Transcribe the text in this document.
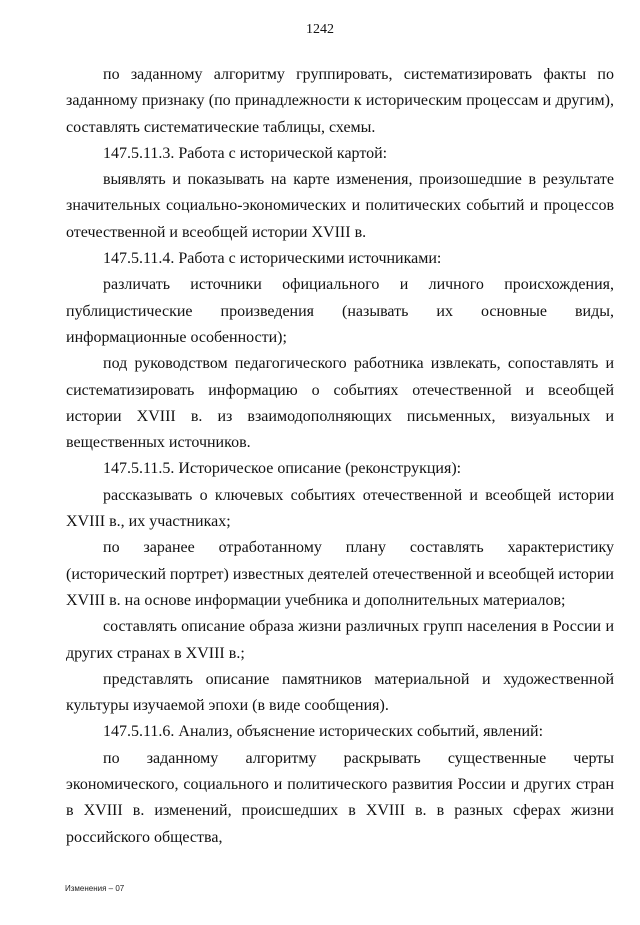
1242

по заданному алгоритму группировать, систематизировать факты по заданному признаку (по принадлежности к историческим процессам и другим), составлять систематические таблицы, схемы.

147.5.11.3. Работа с исторической картой:

выявлять и показывать на карте изменения, произошедшие в результате значительных социально-экономических и политических событий и процессов отечественной и всеобщей истории XVIII в.

147.5.11.4. Работа с историческими источниками:

различать источники официального и личного происхождения, публицистические произведения (называть их основные виды, информационные особенности);

под руководством педагогического работника извлекать, сопоставлять и систематизировать информацию о событиях отечественной и всеобщей истории XVIII в. из взаимодополняющих письменных, визуальных и вещественных источников.

147.5.11.5. Историческое описание (реконструкция):

рассказывать о ключевых событиях отечественной и всеобщей истории XVIII в., их участниках;

по заранее отработанному плану составлять характеристику (исторический портрет) известных деятелей отечественной и всеобщей истории XVIII в. на основе информации учебника и дополнительных материалов;

составлять описание образа жизни различных групп населения в России и других странах в XVIII в.;

представлять описание памятников материальной и художественной культуры изучаемой эпохи (в виде сообщения).

147.5.11.6. Анализ, объяснение исторических событий, явлений:

по заданному алгоритму раскрывать существенные черты экономического, социального и политического развития России и других стран в XVIII в. изменений, происшедших в XVIII в. в разных сферах жизни российского общества,

Изменения – 07
